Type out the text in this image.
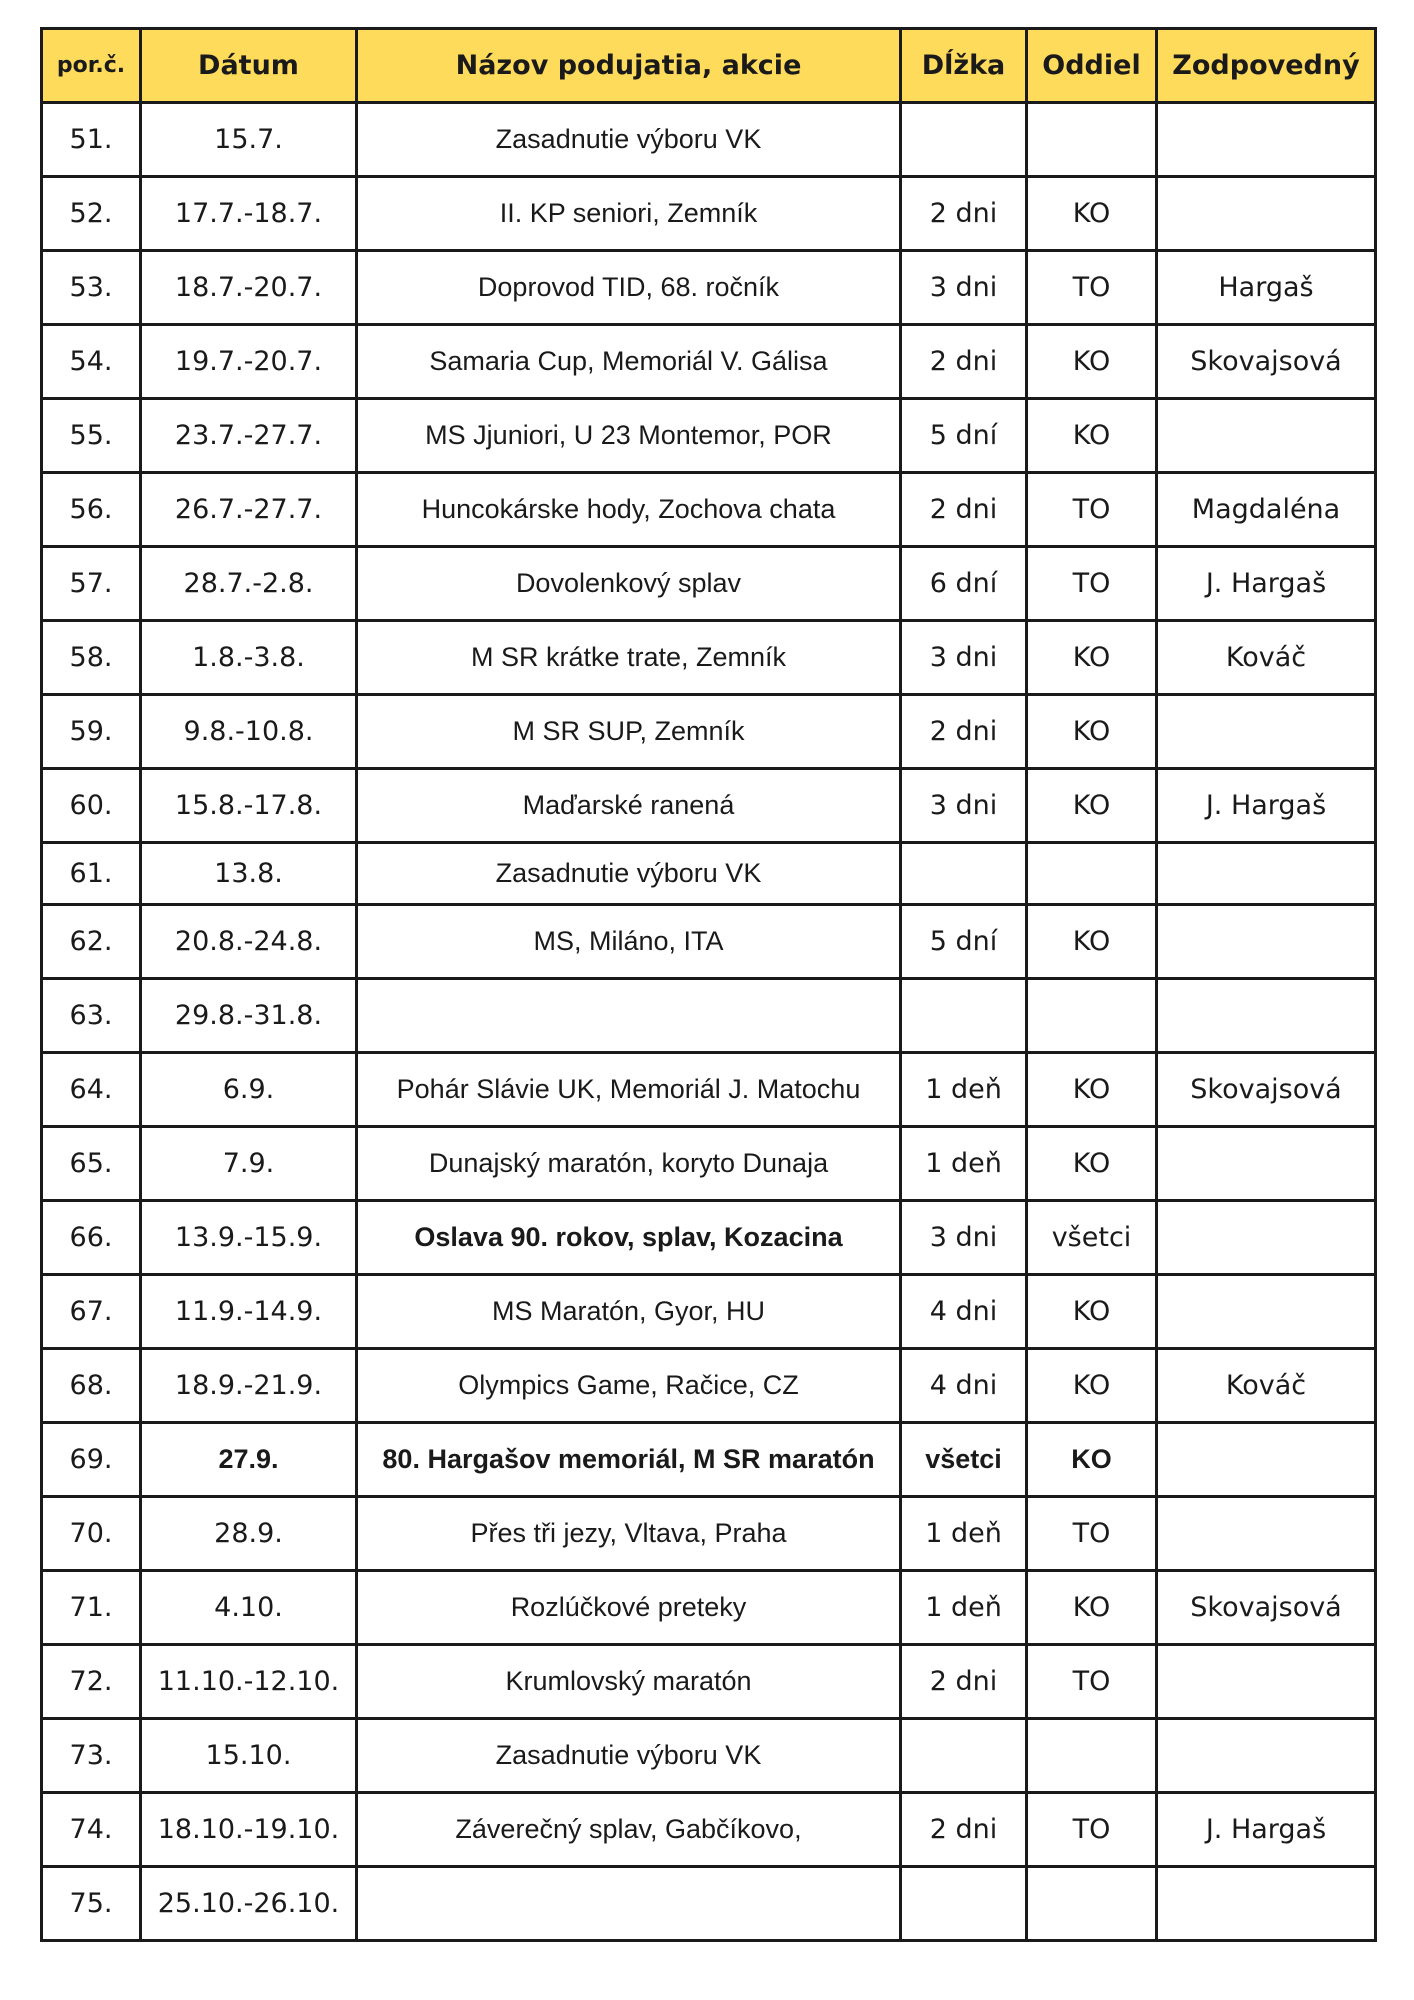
por.č.	Dátum	Názov podujatia, akcie	Dĺžka	Oddiel	Zodpovedný
51.	15.7.	Zasadnutie výboru VK			
52.	17.7.-18.7.	II. KP seniori, Zemník	2 dni	KO	
53.	18.7.-20.7.	Doprovod TID, 68. ročník	3 dni	TO	Hargaš
54.	19.7.-20.7.	Samaria Cup, Memoriál V. Gálisa	2 dni	KO	Skovajsová
55.	23.7.-27.7.	MS Jjuniori, U 23 Montemor, POR	5 dní	KO	
56.	26.7.-27.7.	Huncokárske hody, Zochova chata	2 dni	TO	Magdaléna
57.	28.7.-2.8.	Dovolenkový splav	6 dní	TO	J. Hargaš
58.	1.8.-3.8.	M SR krátke trate, Zemník	3 dni	KO	Kováč
59.	9.8.-10.8.	M SR SUP, Zemník	2 dni	KO	
60.	15.8.-17.8.	Maďarské ranená	3 dni	KO	J. Hargaš
61.	13.8.	Zasadnutie výboru VK			
62.	20.8.-24.8.	MS, Miláno, ITA	5 dní	KO	
63.	29.8.-31.8.				
64.	6.9.	Pohár Slávie UK, Memoriál J. Matochu	1 deň	KO	Skovajsová
65.	7.9.	Dunajský maratón, koryto Dunaja	1 deň	KO	
66.	13.9.-15.9.	Oslava 90. rokov, splav, Kozacina	3 dni	všetci	
67.	11.9.-14.9.	MS Maratón, Gyor, HU	4 dni	KO	
68.	18.9.-21.9.	Olympics Game, Račice, CZ	4 dni	KO	Kováč
69.	27.9.	80. Hargašov memoriál, M SR maratón	všetci	KO	
70.	28.9.	Přes tři jezy, Vltava, Praha	1 deň	TO	
71.	4.10.	Rozlúčkové preteky	1 deň	KO	Skovajsová
72.	11.10.-12.10.	Krumlovský maratón	2 dni	TO	
73.	15.10.	Zasadnutie výboru VK			
74.	18.10.-19.10.	Záverečný splav, Gabčíkovo,	2 dni	TO	J. Hargaš
75.	25.10.-26.10.				
